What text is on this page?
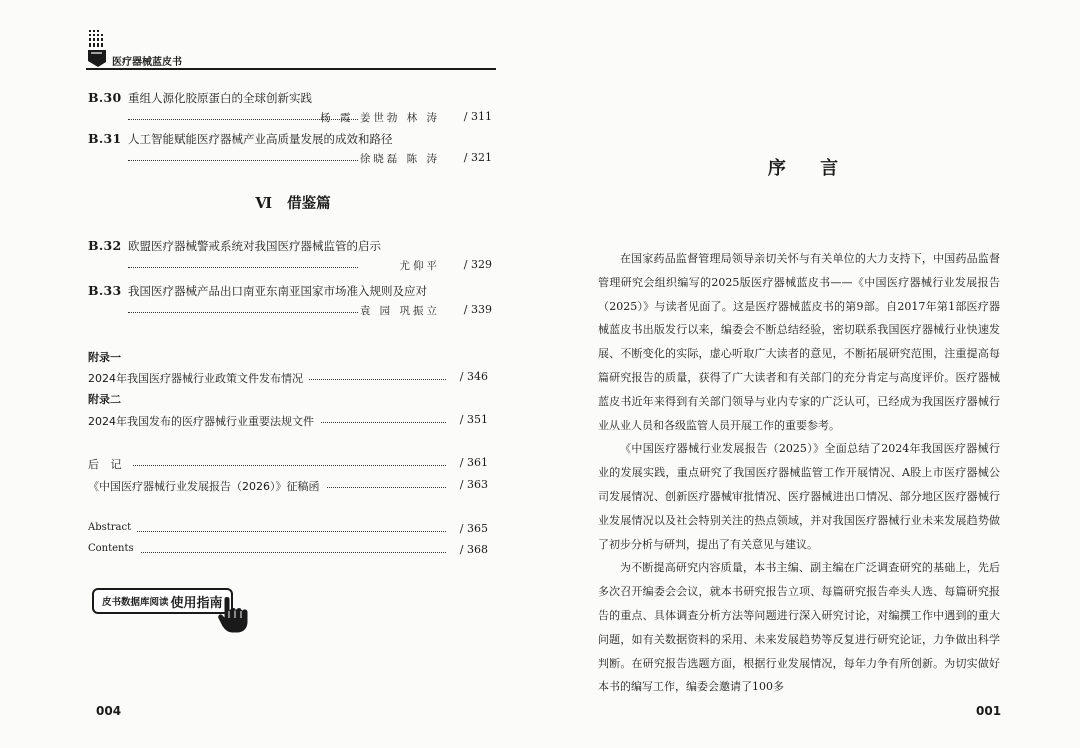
医疗器械蓝皮书
B.30 重组人源化胶原蛋白的全球创新实践
杨 霞 姜世勃 林 涛 / 311
B.31 人工智能赋能医疗器械产业高质量发展的成效和路径
徐晓磊 陈 涛 / 321
Ⅵ 借鉴篇
B.32 欧盟医疗器械警戒系统对我国医疗器械监管的启示
尤仰平 / 329
B.33 我国医疗器械产品出口南亚东南亚国家市场准入规则及应对
袁 园 巩振立 / 339
附录一
2024年我国医疗器械行业政策文件发布情况	/ 346
附录二
2024年我国发布的医疗器械行业重要法规文件	/ 351
后 记	/ 361
《中国医疗器械行业发展报告（2026）》征稿函	/ 363
Abstract	/ 365
Contents	/ 368
皮书数据库阅读 使用指南
004
序 言

在国家药品监督管理局领导亲切关怀与有关单位的大力支持下，中国药品监督管理研究会组织编写的2025版医疗器械蓝皮书——《中国医疗器械行业发展报告（2025）》与读者见面了。这是医疗器械蓝皮书的第9部。自2017年第1部医疗器械蓝皮书出版发行以来，编委会不断总结经验，密切联系我国医疗器械行业快速发展、不断变化的实际，虚心听取广大读者的意见，不断拓展研究范围，注重提高每篇研究报告的质量，获得了广大读者和有关部门的充分肯定与高度评价。医疗器械蓝皮书近年来得到有关部门领导与业内专家的广泛认可，已经成为我国医疗器械行业从业人员和各级监管人员开展工作的重要参考。

《中国医疗器械行业发展报告（2025）》全面总结了2024年我国医疗器械行业的发展实践，重点研究了我国医疗器械监管工作开展情况、A股上市医疗器械公司发展情况、创新医疗器械审批情况、医疗器械进出口情况、部分地区医疗器械行业发展情况以及社会特别关注的热点领域，并对我国医疗器械行业未来发展趋势做了初步分析与研判，提出了有关意见与建议。

为不断提高研究内容质量，本书主编、副主编在广泛调查研究的基础上，先后多次召开编委会会议，就本书研究报告立项、每篇研究报告牵头人选、每篇研究报告的重点、具体调查分析方法等问题进行深入研究讨论，对编撰工作中遇到的重大问题，如有关数据资料的采用、未来发展趋势等反复进行研究论证，力争做出科学判断。在研究报告选题方面，根据行业发展情况，每年力争有所创新。为切实做好本书的编写工作，编委会邀请了100多

001
